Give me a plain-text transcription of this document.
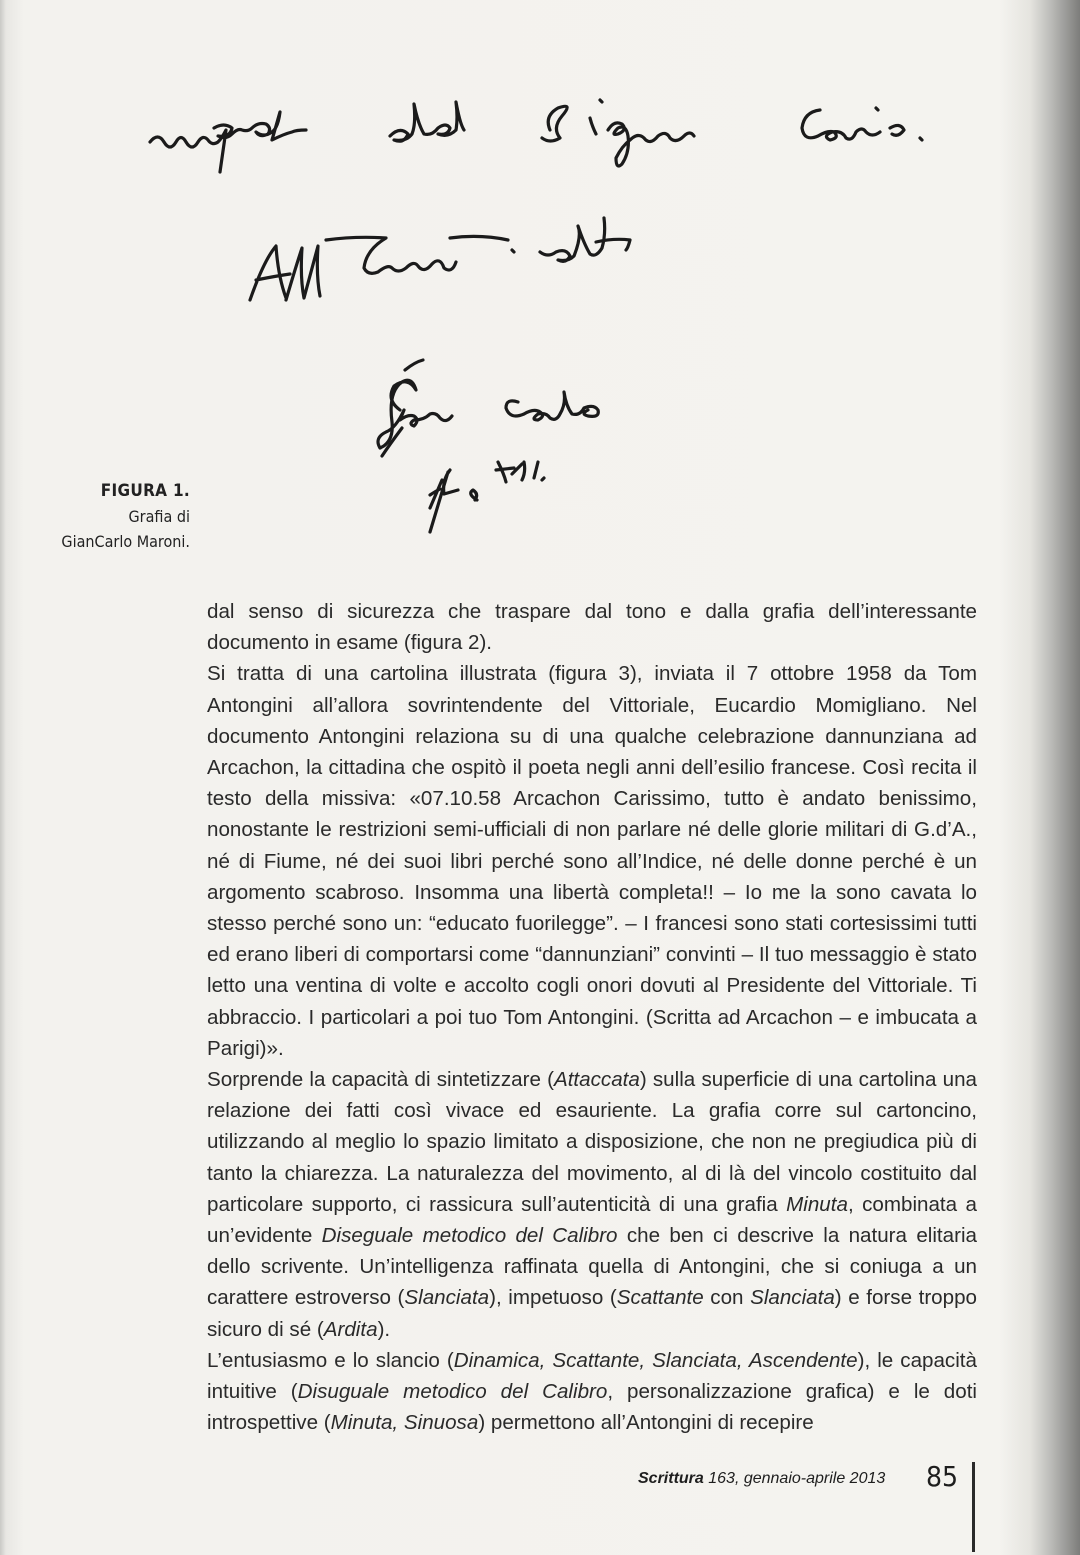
FIGURA 1.
Grafia di
GianCarlo Maroni.

dal senso di sicurezza che traspare dal tono e dalla grafia dell’interessante documento in esame (figura 2).

Si tratta di una cartolina illustrata (figura 3), inviata il 7 ottobre 1958 da Tom Antongini all’allora sovrintendente del Vittoriale, Eucardio Momigliano. Nel documento Antongini relaziona su di una qualche celebrazione dannunziana ad Arcachon, la cittadina che ospitò il poeta negli anni dell’esilio francese. Così recita il testo della missiva: «07.10.58 Arcachon Carissimo, tutto è andato benissimo, nonostante le restrizioni semi-ufficiali di non parlare né delle glorie militari di G.d’A., né di Fiume, né dei suoi libri perché sono all’Indice, né delle donne perché è un argomento scabroso. Insomma una libertà completa!! – Io me la sono cavata lo stesso perché sono un: “educato fuorilegge”. – I francesi sono stati cortesissimi tutti ed erano liberi di comportarsi come “dannunziani” convinti – Il tuo messaggio è stato letto una ventina di volte e accolto cogli onori dovuti al Presidente del Vittoriale. Ti abbraccio. I particolari a poi tuo Tom Antongini. (Scritta ad Arcachon – e imbucata a Parigi)».

Sorprende la capacità di sintetizzare (Attaccata) sulla superficie di una cartolina una relazione dei fatti così vivace ed esauriente. La grafia corre sul cartoncino, utilizzando al meglio lo spazio limitato a disposizione, che non ne pregiudica più di tanto la chiarezza. La naturalezza del movimento, al di là del vincolo costituito dal particolare supporto, ci rassicura sull’autenticità di una grafia Minuta, combinata a un’evidente Diseguale metodico del Calibro che ben ci descrive la natura elitaria dello scrivente. Un’intelligenza raffinata quella di Antongini, che si coniuga a un carattere estroverso (Slanciata), impetuoso (Scattante con Slanciata) e forse troppo sicuro di sé (Ardita).

L’entusiasmo e lo slancio (Dinamica, Scattante, Slanciata, Ascendente), le capacità intuitive (Disuguale metodico del Calibro, personalizzazione grafica) e le doti introspettive (Minuta, Sinuosa) permettono all’Antongini di recepire

Scrittura 163, gennaio-aprile 2013 85
